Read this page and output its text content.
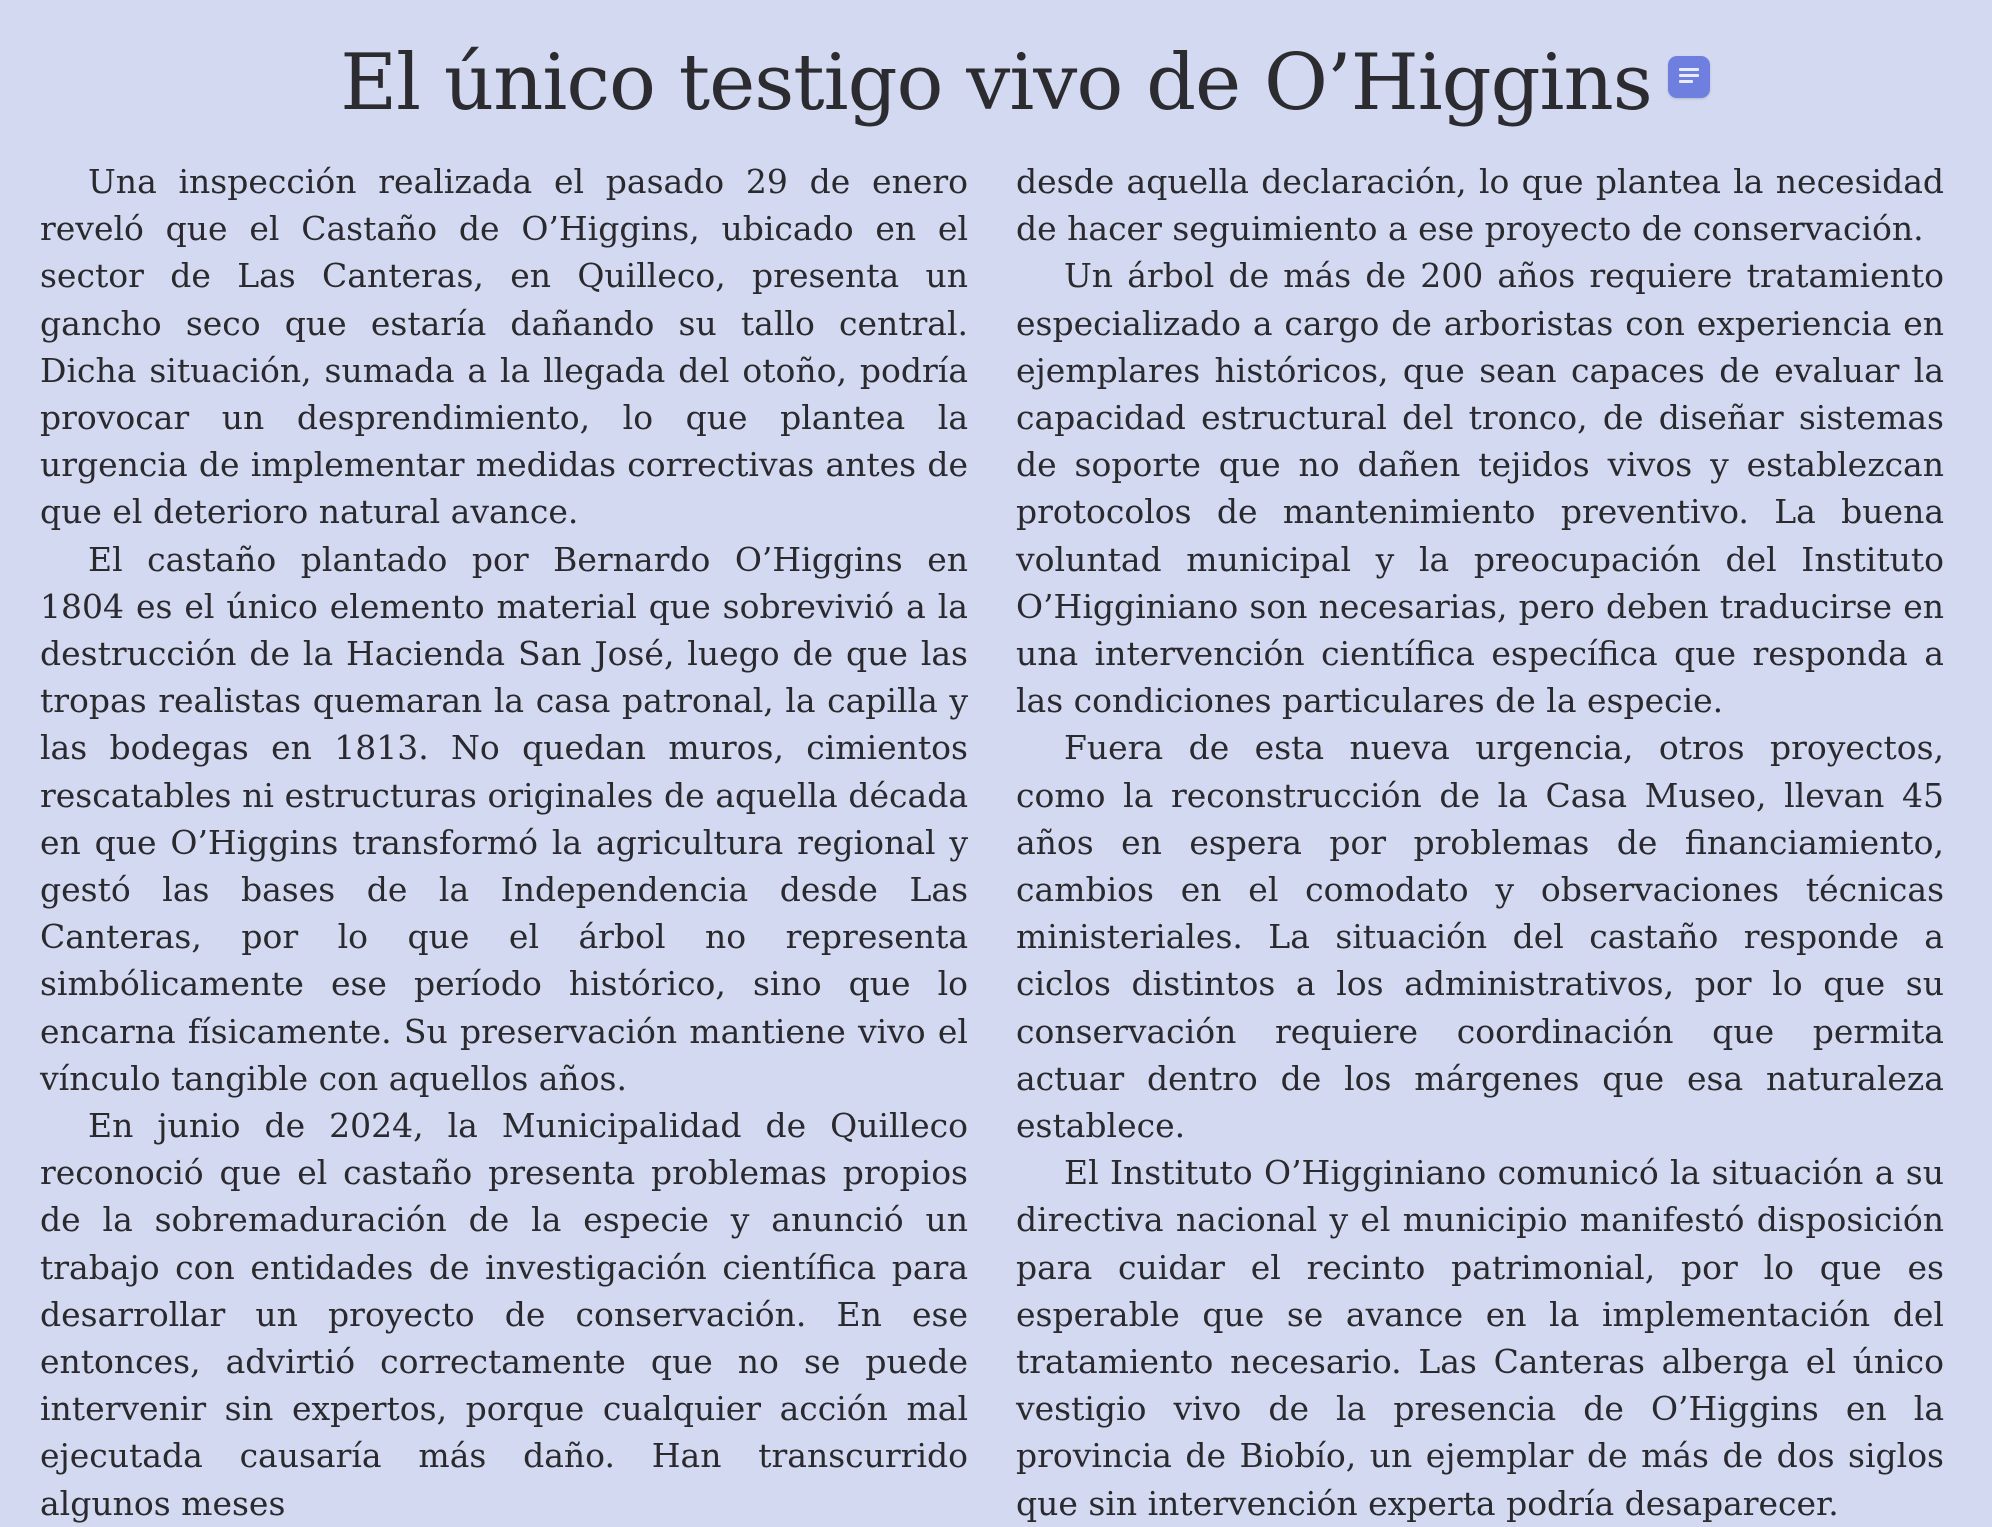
El único testigo vivo de O’Higgins

Una inspección realizada el pasado 29 de enero reveló que el Castaño de O’Higgins, ubicado en el sector de Las Canteras, en Quilleco, presenta un gancho seco que estaría dañando su tallo central. Dicha situación, sumada a la llegada del otoño, podría provocar un desprendimiento, lo que plantea la urgencia de implementar medidas correctivas antes de que el deterioro natural avance.

El castaño plantado por Bernardo O’Higgins en 1804 es el único elemento material que sobrevivió a la destrucción de la Hacienda San José, luego de que las tropas realistas quemaran la casa patronal, la capilla y las bodegas en 1813. No quedan muros, cimientos rescatables ni estructuras originales de aquella década en que O’Higgins transformó la agricultura regional y gestó las bases de la Independencia desde Las Canteras, por lo que el árbol no representa simbólicamente ese período histórico, sino que lo encarna físicamente. Su preservación mantiene vivo el vínculo tangible con aquellos años.

En junio de 2024, la Municipalidad de Quilleco reconoció que el castaño presenta problemas propios de la sobremaduración de la especie y anunció un trabajo con entidades de investigación científica para desarrollar un proyecto de conservación. En ese entonces, advirtió correctamente que no se puede intervenir sin expertos, porque cualquier acción mal ejecutada causaría más daño. Han transcurrido algunos meses

desde aquella declaración, lo que plantea la necesidad de hacer seguimiento a ese proyecto de conservación.

Un árbol de más de 200 años requiere tratamiento especializado a cargo de arboristas con experiencia en ejemplares históricos, que sean capaces de evaluar la capacidad estructural del tronco, de diseñar sistemas de soporte que no dañen tejidos vivos y establezcan protocolos de mantenimiento preventivo. La buena voluntad municipal y la preocupación del Instituto O’Higginiano son necesarias, pero deben traducirse en una intervención científica específica que responda a las condiciones particulares de la especie.

Fuera de esta nueva urgencia, otros proyectos, como la reconstrucción de la Casa Museo, llevan 45 años en espera por problemas de financiamiento, cambios en el comodato y observaciones técnicas ministeriales. La situación del castaño responde a ciclos distintos a los administrativos, por lo que su conservación requiere coordinación que permita actuar dentro de los márgenes que esa naturaleza establece.

El Instituto O’Higginiano comunicó la situación a su directiva nacional y el municipio manifestó disposición para cuidar el recinto patrimonial, por lo que es esperable que se avance en la implementación del tratamiento necesario. Las Canteras alberga el único vestigio vivo de la presencia de O’Higgins en la provincia de Biobío, un ejemplar de más de dos siglos que sin intervención experta podría desaparecer.
